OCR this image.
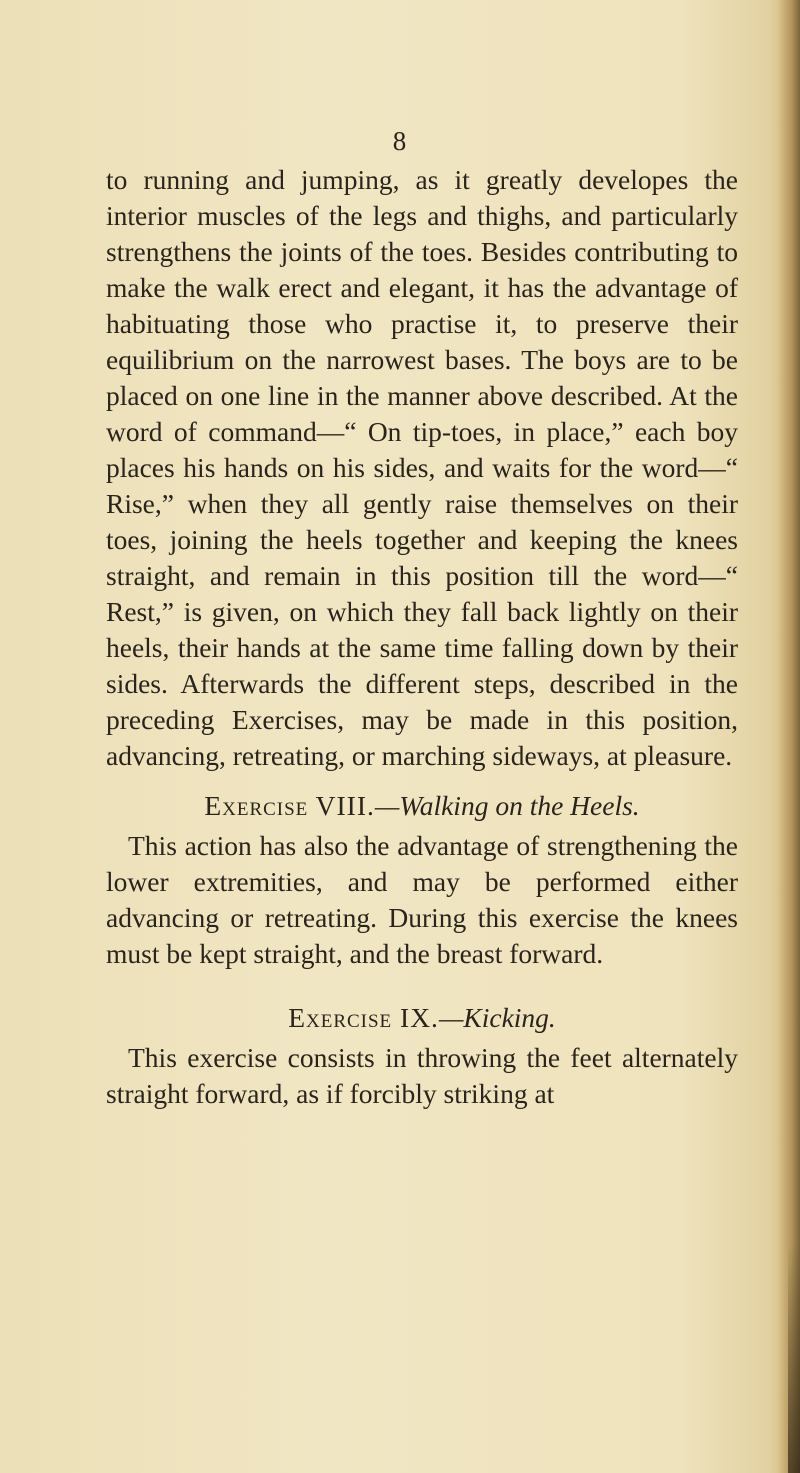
8

to running and jumping, as it greatly developes the interior muscles of the legs and thighs, and particularly strengthens the joints of the toes. Besides contributing to make the walk erect and elegant, it has the advantage of habituating those who practise it, to preserve their equilibrium on the narrowest bases. The boys are to be placed on one line in the manner above described. At the word of command—“ On tip-toes, in place,” each boy places his hands on his sides, and waits for the word—“ Rise,” when they all gently raise themselves on their toes, joining the heels together and keeping the knees straight, and remain in this position till the word—“ Rest,” is given, on which they fall back lightly on their heels, their hands at the same time falling down by their sides. Afterwards the different steps, described in the preceding Exercises, may be made in this position, advancing, retreating, or marching sideways, at pleasure.

Exercise VIII.—Walking on the Heels.

This action has also the advantage of strengthening the lower extremities, and may be performed either advancing or retreating. During this exercise the knees must be kept straight, and the breast forward.

Exercise IX.—Kicking.

This exercise consists in throwing the feet alternately straight forward, as if forcibly striking at
